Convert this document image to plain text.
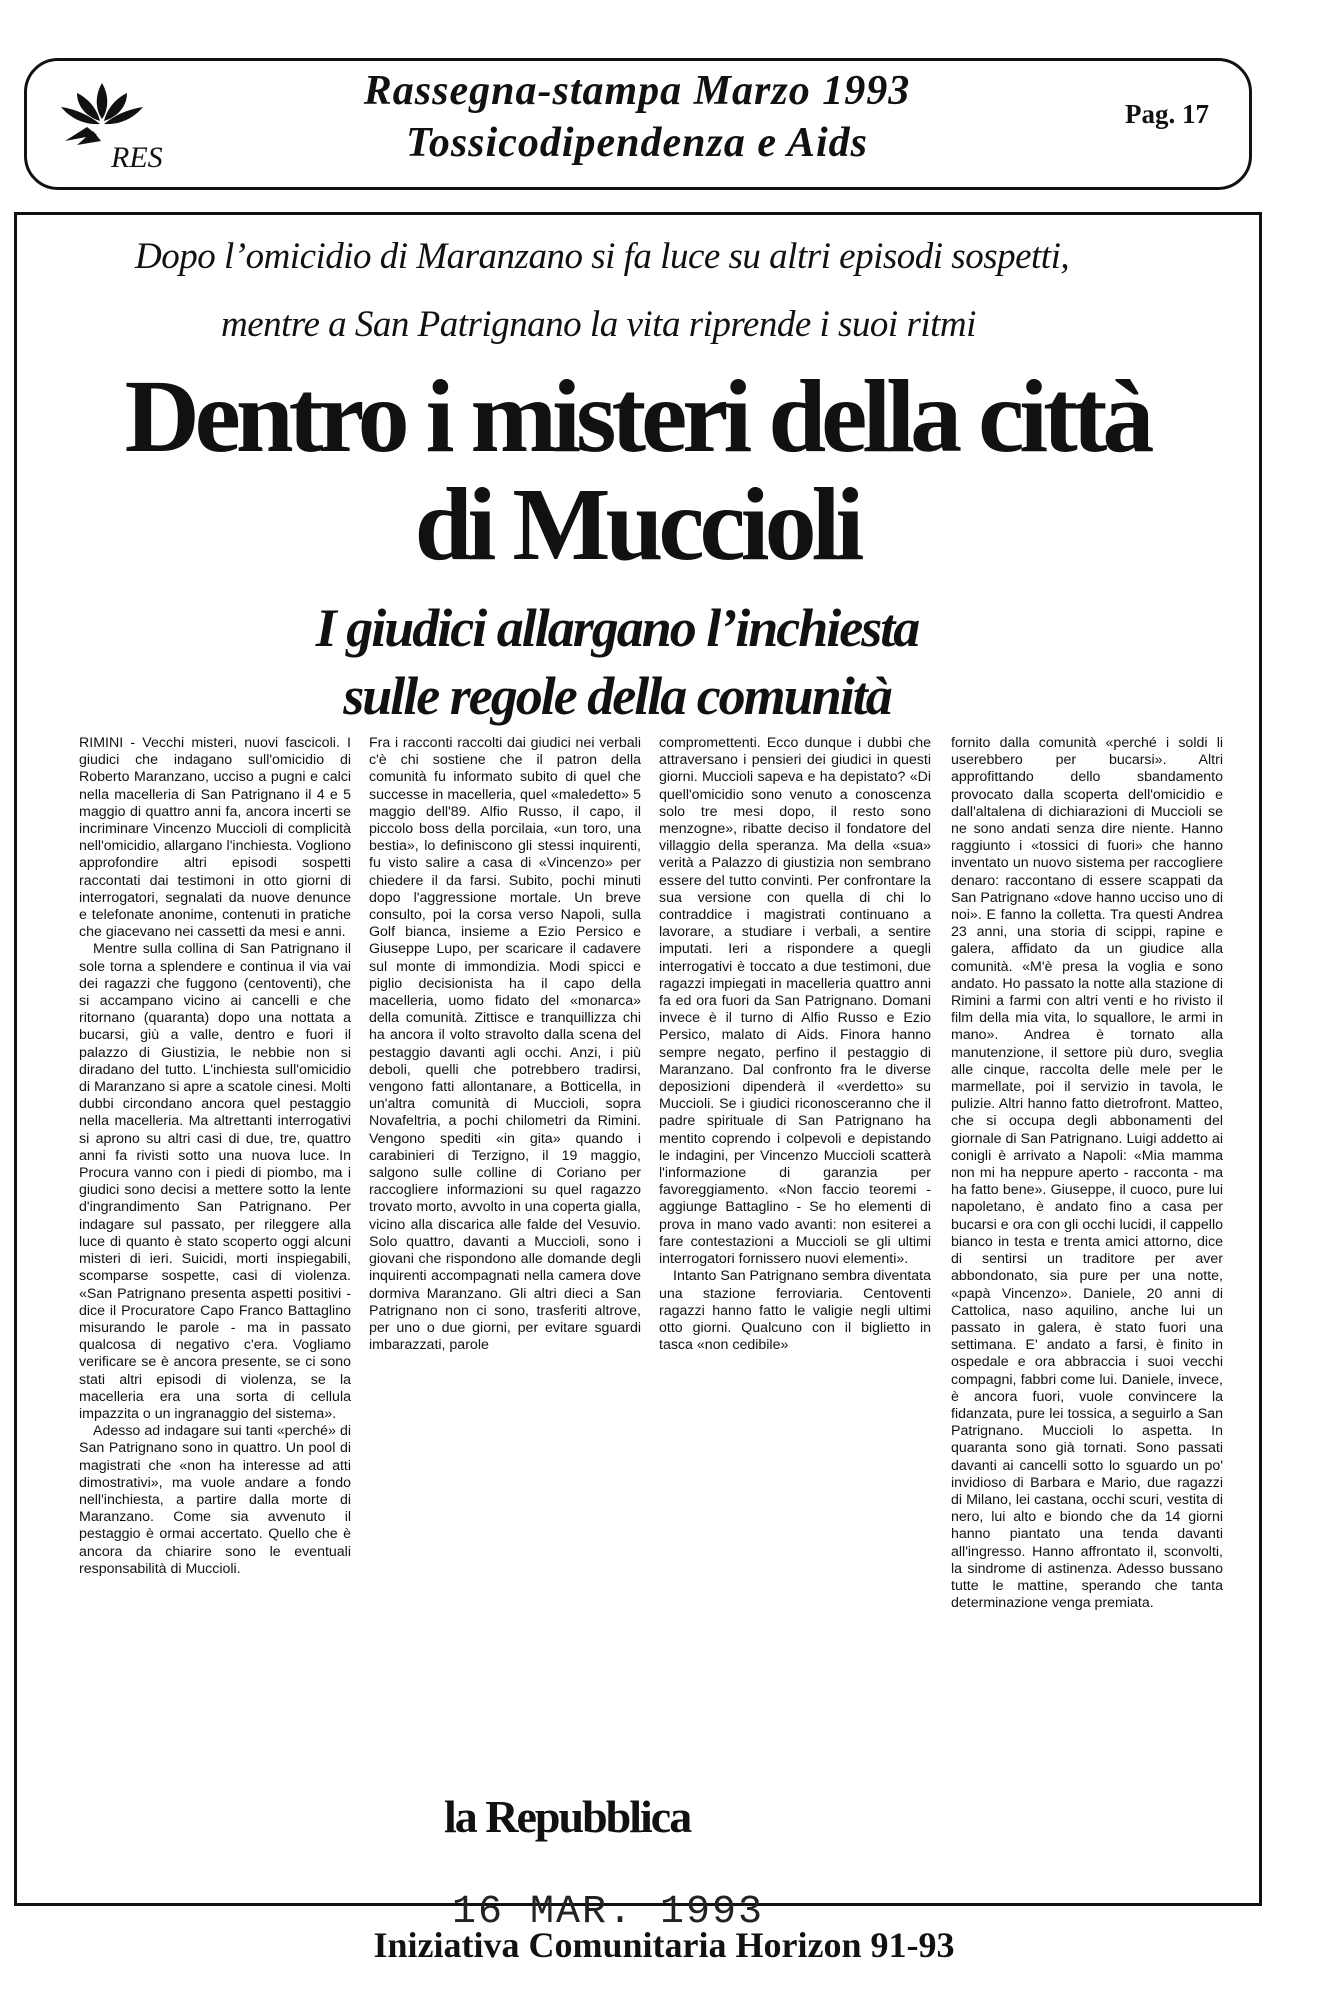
RES
Rassegna-stampa Marzo 1993
Tossicodipendenza e Aids
Pag. 17
Dopo l’omicidio di Maranzano si fa luce su altri episodi sospetti,
mentre a San Patrignano la vita riprende i suoi ritmi
Dentro i misteri della città
di Muccioli
I giudici allargano l’inchiesta
sulle regole della comunità

RIMINI - Vecchi misteri, nuovi fascicoli. I giudici che indagano sull'omicidio di Roberto Maranzano, ucciso a pugni e calci nella macelleria di San Patrignano il 4 e 5 maggio di quattro anni fa, ancora incerti se incriminare Vincenzo Muccioli di complicità nell'omicidio, allargano l'inchiesta. Vogliono approfondire altri episodi sospetti raccontati dai testimoni in otto giorni di interrogatori, segnalati da nuove denunce e telefonate anonime, contenuti in pratiche che giacevano nei cassetti da mesi e anni.

Mentre sulla collina di San Patrignano il sole torna a splendere e continua il via vai dei ragazzi che fuggono (centoventi), che si accampano vicino ai cancelli e che ritornano (quaranta) dopo una nottata a bucarsi, giù a valle, dentro e fuori il palazzo di Giustizia, le nebbie non si diradano del tutto. L'inchiesta sull'omicidio di Maranzano si apre a scatole cinesi. Molti dubbi circondano ancora quel pestaggio nella macelleria. Ma altrettanti interrogativi si aprono su altri casi di due, tre, quattro anni fa rivisti sotto una nuova luce. In Procura vanno con i piedi di piombo, ma i giudici sono decisi a mettere sotto la lente d'ingrandimento San Patrignano. Per indagare sul passato, per rileggere alla luce di quanto è stato scoperto oggi alcuni misteri di ieri. Suicidi, morti inspiegabili, scomparse sospette, casi di violenza. «San Patrignano presenta aspetti positivi - dice il Procuratore Capo Franco Battaglino misurando le parole - ma in passato qualcosa di negativo c'era. Vogliamo verificare se è ancora presente, se ci sono stati altri episodi di violenza, se la macelleria era una sorta di cellula impazzita o un ingranaggio del sistema».

Adesso ad indagare sui tanti «perché» di San Patrignano sono in quattro. Un pool di magistrati che «non ha interesse ad atti dimostrativi», ma vuole andare a fondo nell'inchiesta, a partire dalla morte di Maranzano. Come sia avvenuto il pestaggio è ormai accertato. Quello che è ancora da chiarire sono le eventuali responsabilità di Muccioli.

Fra i racconti raccolti dai giudici nei verbali c'è chi sostiene che il patron della comunità fu informato subito di quel che successe in macelleria, quel «maledetto» 5 maggio dell'89. Alfio Russo, il capo, il piccolo boss della porcilaia, «un toro, una bestia», lo definiscono gli stessi inquirenti, fu visto salire a casa di «Vincenzo» per chiedere il da farsi. Subito, pochi minuti dopo l'aggressione mortale. Un breve consulto, poi la corsa verso Napoli, sulla Golf bianca, insieme a Ezio Persico e Giuseppe Lupo, per scaricare il cadavere sul monte di immondizia. Modi spicci e piglio decisionista ha il capo della macelleria, uomo fidato del «monarca» della comunità. Zittisce e tranquillizza chi ha ancora il volto stravolto dalla scena del pestaggio davanti agli occhi. Anzi, i più deboli, quelli che potrebbero tradirsi, vengono fatti allontanare, a Botticella, in un'altra comunità di Muccioli, sopra Novafeltria, a pochi chilometri da Rimini. Vengono spediti «in gita» quando i carabinieri di Terzigno, il 19 maggio, salgono sulle colline di Coriano per raccogliere informazioni su quel ragazzo trovato morto, avvolto in una coperta gialla, vicino alla discarica alle falde del Vesuvio. Solo quattro, davanti a Muccioli, sono i giovani che rispondono alle domande degli inquirenti accompagnati nella camera dove dormiva Maranzano. Gli altri dieci a San Patrignano non ci sono, trasferiti altrove, per uno o due giorni, per evitare sguardi imbarazzati, parole

compromettenti. Ecco dunque i dubbi che attraversano i pensieri dei giudici in questi giorni. Muccioli sapeva e ha depistato? «Di quell'omicidio sono venuto a conoscenza solo tre mesi dopo, il resto sono menzogne», ribatte deciso il fondatore del villaggio della speranza. Ma della «sua» verità a Palazzo di giustizia non sembrano essere del tutto convinti. Per confrontare la sua versione con quella di chi lo contraddice i magistrati continuano a lavorare, a studiare i verbali, a sentire imputati. Ieri a rispondere a quegli interrogativi è toccato a due testimoni, due ragazzi impiegati in macelleria quattro anni fa ed ora fuori da San Patrignano. Domani invece è il turno di Alfio Russo e Ezio Persico, malato di Aids. Finora hanno sempre negato, perfino il pestaggio di Maranzano. Dal confronto fra le diverse deposizioni dipenderà il «verdetto» su Muccioli. Se i giudici riconosceranno che il padre spirituale di San Patrignano ha mentito coprendo i colpevoli e depistando le indagini, per Vincenzo Muccioli scatterà l'informazione di garanzia per favoreggiamento. «Non faccio teoremi - aggiunge Battaglino - Se ho elementi di prova in mano vado avanti: non esiterei a fare contestazioni a Muccioli se gli ultimi interrogatori fornissero nuovi elementi».

Intanto San Patrignano sembra diventata una stazione ferroviaria. Centoventi ragazzi hanno fatto le valigie negli ultimi otto giorni. Qualcuno con il biglietto in tasca «non cedibile»

fornito dalla comunità «perché i soldi li userebbero per bucarsi». Altri approfittando dello sbandamento provocato dalla scoperta dell'omicidio e dall'altalena di dichiarazioni di Muccioli se ne sono andati senza dire niente. Hanno raggiunto i «tossici di fuori» che hanno inventato un nuovo sistema per raccogliere denaro: raccontano di essere scappati da San Patrignano «dove hanno ucciso uno di noi». E fanno la colletta. Tra questi Andrea 23 anni, una storia di scippi, rapine e galera, affidato da un giudice alla comunità. «M'è presa la voglia e sono andato. Ho passato la notte alla stazione di Rimini a farmi con altri venti e ho rivisto il film della mia vita, lo squallore, le armi in mano». Andrea è tornato alla manutenzione, il settore più duro, sveglia alle cinque, raccolta delle mele per le marmellate, poi il servizio in tavola, le pulizie. Altri hanno fatto dietrofront. Matteo, che si occupa degli abbonamenti del giornale di San Patrignano. Luigi addetto ai conigli è arrivato a Napoli: «Mia mamma non mi ha neppure aperto - racconta - ma ha fatto bene». Giuseppe, il cuoco, pure lui napoletano, è andato fino a casa per bucarsi e ora con gli occhi lucidi, il cappello bianco in testa e trenta amici attorno, dice di sentirsi un traditore per aver abbondonato, sia pure per una notte, «papà Vincenzo». Daniele, 20 anni di Cattolica, naso aquilino, anche lui un passato in galera, è stato fuori una settimana. E' andato a farsi, è finito in ospedale e ora abbraccia i suoi vecchi compagni, fabbri come lui. Daniele, invece, è ancora fuori, vuole convincere la fidanzata, pure lei tossica, a seguirlo a San Patrignano. Muccioli lo aspetta. In quaranta sono già tornati. Sono passati davanti ai cancelli sotto lo sguardo un po' invidioso di Barbara e Mario, due ragazzi di Milano, lei castana, occhi scuri, vestita di nero, lui alto e biondo che da 14 giorni hanno piantato una tenda davanti all'ingresso. Hanno affrontato il, sconvolti, la sindrome di astinenza. Adesso bussano tutte le mattine, sperando che tanta determinazione venga premiata.

la Repubblica
16 MAR. 1993
Iniziativa Comunitaria Horizon 91-93
